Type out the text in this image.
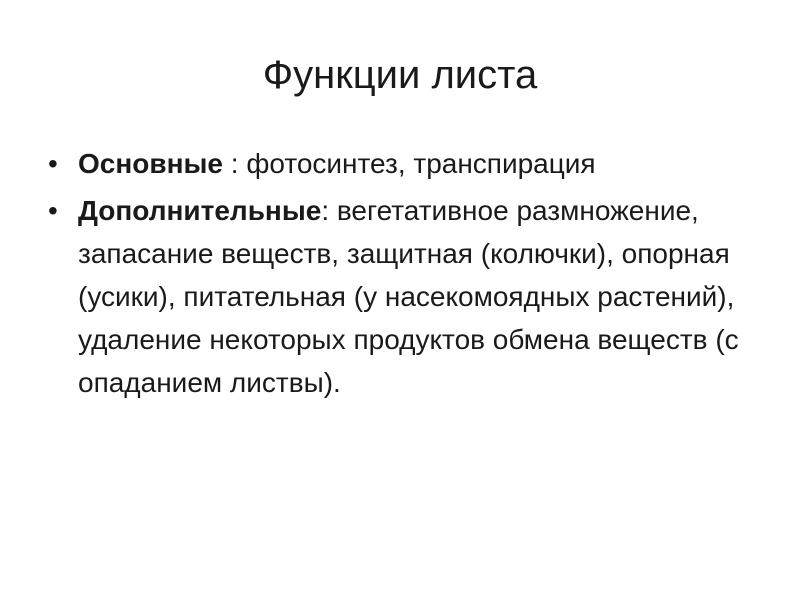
Функции листа
• Основные : фотосинтез, транспирация
• Дополнительные: вегетативное размножение, запасание веществ, защитная (колючки), опорная (усики), питательная (у насекомоядных растений), удаление некоторых продуктов обмена веществ (с опаданием листвы).
